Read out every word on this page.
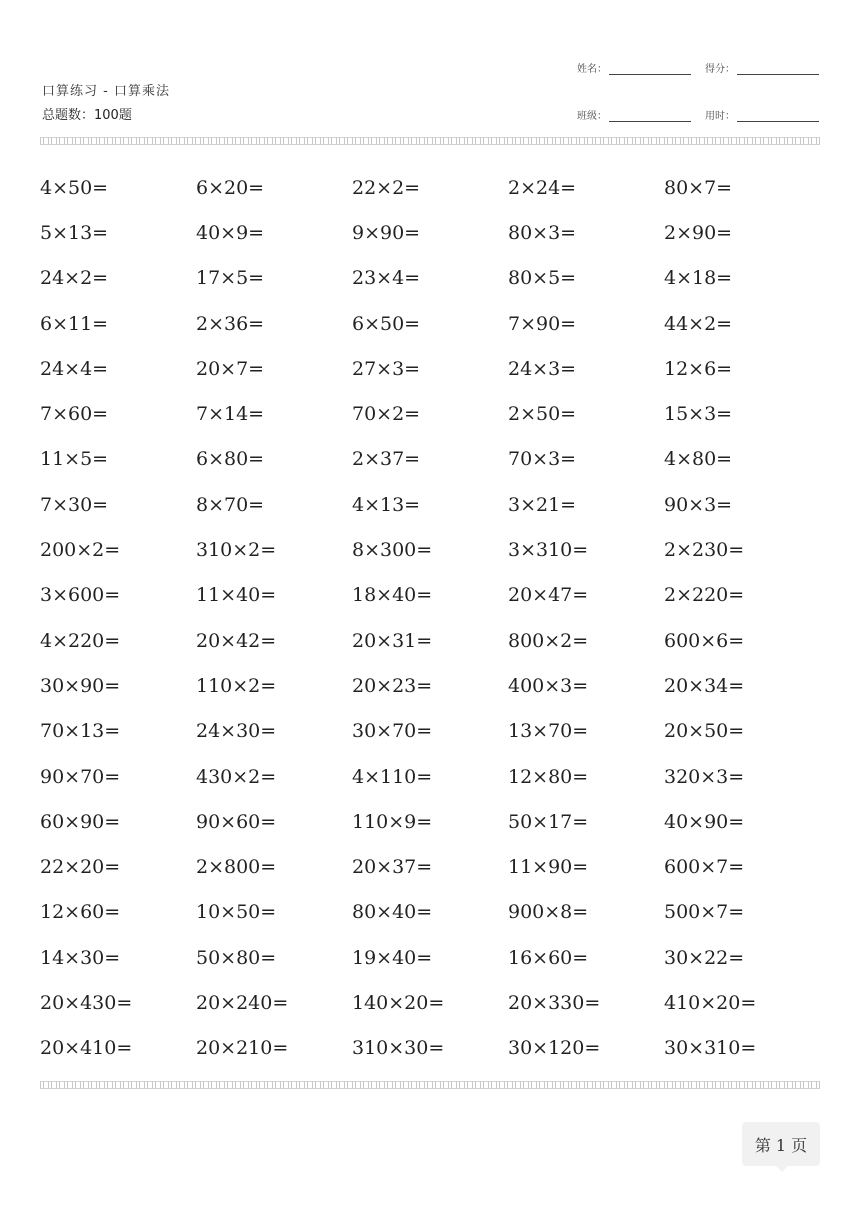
口算练习 - 口算乘法
总题数：100题
姓名：	得分：
班级：	用时：
4×50=	6×20=	22×2=	2×24=	80×7=
5×13=	40×9=	9×90=	80×3=	2×90=
24×2=	17×5=	23×4=	80×5=	4×18=
6×11=	2×36=	6×50=	7×90=	44×2=
24×4=	20×7=	27×3=	24×3=	12×6=
7×60=	7×14=	70×2=	2×50=	15×3=
11×5=	6×80=	2×37=	70×3=	4×80=
7×30=	8×70=	4×13=	3×21=	90×3=
200×2=	310×2=	8×300=	3×310=	2×230=
3×600=	11×40=	18×40=	20×47=	2×220=
4×220=	20×42=	20×31=	800×2=	600×6=
30×90=	110×2=	20×23=	400×3=	20×34=
70×13=	24×30=	30×70=	13×70=	20×50=
90×70=	430×2=	4×110=	12×80=	320×3=
60×90=	90×60=	110×9=	50×17=	40×90=
22×20=	2×800=	20×37=	11×90=	600×7=
12×60=	10×50=	80×40=	900×8=	500×7=
14×30=	50×80=	19×40=	16×60=	30×22=
20×430=	20×240=	140×20=	20×330=	410×20=
20×410=	20×210=	310×30=	30×120=	30×310=
第 1 页
